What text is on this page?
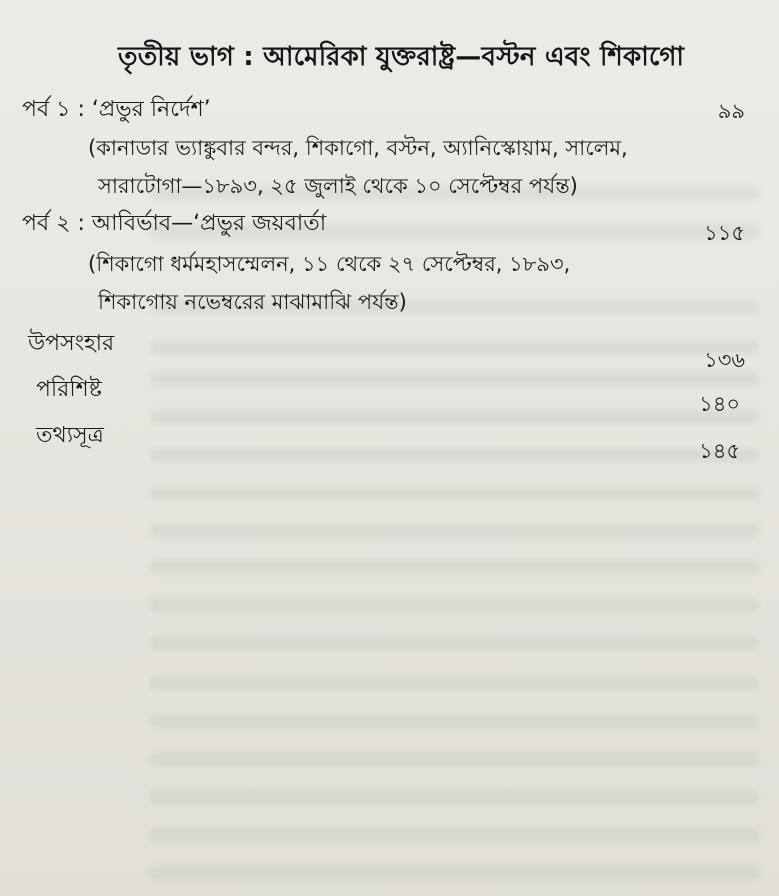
তৃতীয় ভাগ : আমেরিকা যুক্তরাষ্ট্র—বস্টন এবং শিকাগো
পর্ব ১ : ‘প্রভুর নির্দেশ’	৯৯
(কানাডার ভ্যাঙ্কুবার বন্দর, শিকাগো, বস্টন, অ্যানিস্কোয়াম, সালেম,
সারাটোগা—১৮৯৩, ২৫ জুলাই থেকে ১০ সেপ্টেম্বর পর্যন্ত)
পর্ব ২ : আবির্ভাব—‘প্রভুর জয়বার্তা	১১৫
(শিকাগো ধর্মমহাসম্মেলন, ১১ থেকে ২৭ সেপ্টেম্বর, ১৮৯৩,
শিকাগোয় নভেম্বরের মাঝামাঝি পর্যন্ত)
উপসংহার
১৩৬
পরিশিষ্ট
১৪০
তথ্যসূত্র
১৪৫
